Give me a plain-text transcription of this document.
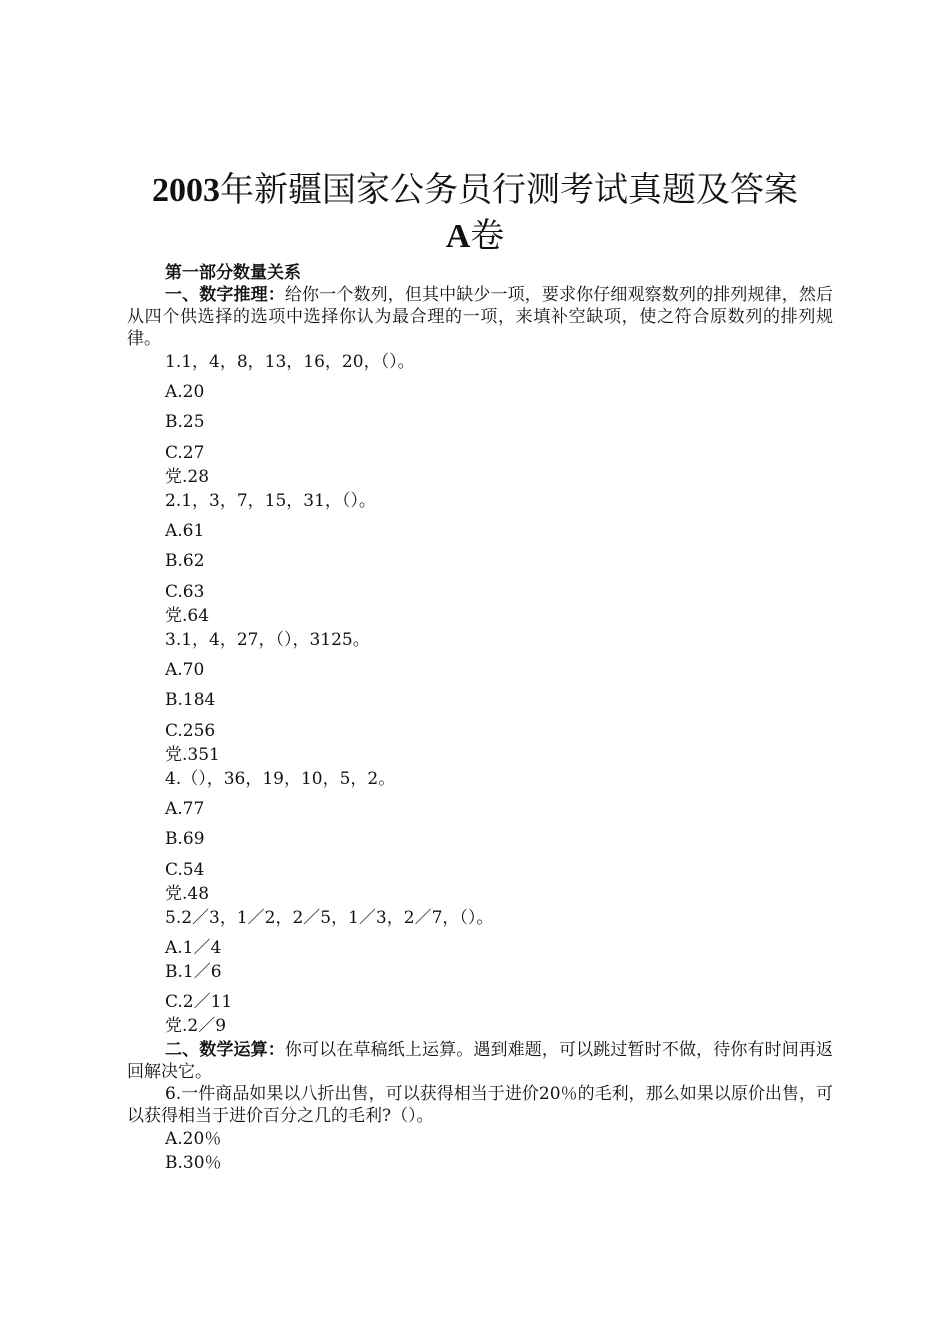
2003年新疆国家公务员行测考试真题及答案
A卷
第一部分数量关系
一、数字推理：给你一个数列，但其中缺少一项，要求你仔细观察数列的排列规律，然后从四个供选择的选项中选择你认为最合理的一项，来填补空缺项，使之符合原数列的排列规律。
1.1，4，8，13，16，20，（）。
A.20
B.25
C.27
党.28
2.1，3，7，15，31，（）。
A.61
B.62
C.63
党.64
3.1，4，27，（），3125。
A.70
B.184
C.256
党.351
4.（），36，19，10，5，2。
A.77
B.69
C.54
党.48
5.2／3，1／2，2／5，1／3，2／7，（）。
A.1／4
B.1／6
C.2／11
党.2／9
二、数学运算：你可以在草稿纸上运算。遇到难题，可以跳过暂时不做，待你有时间再返回解决它。
6.一件商品如果以八折出售，可以获得相当于进价20％的毛利，那么如果以原价出售，可以获得相当于进价百分之几的毛利?（）。
A.20％
B.30％
